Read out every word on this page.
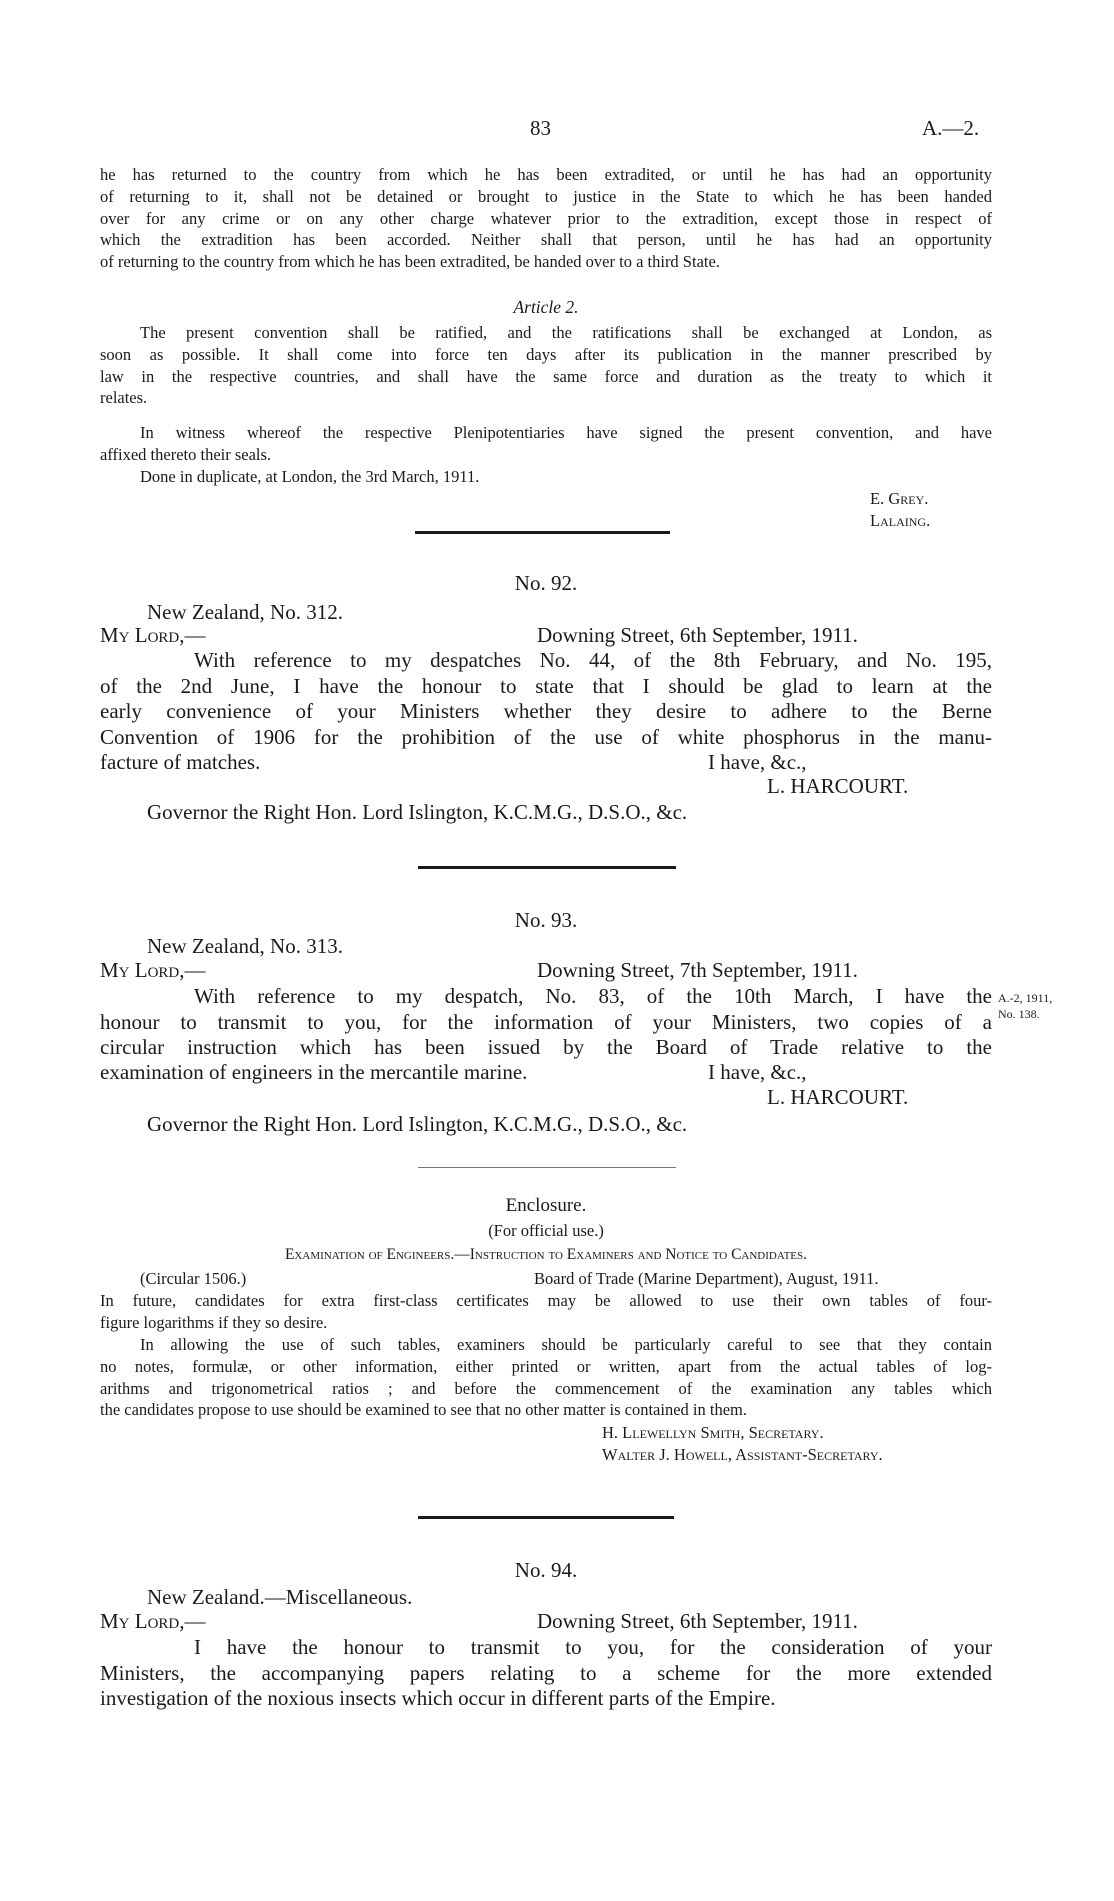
83	A.—2.
he has returned to the country from which he has been extradited, or until he has had an opportunity
of returning to it, shall not be detained or brought to justice in the State to which he has been handed
over for any crime or on any other charge whatever prior to the extradition, except those in respect of
which the extradition has been accorded. Neither shall that person, until he has had an opportunity
of returning to the country from which he has been extradited, be handed over to a third State.
Article 2.
The present convention shall be ratified, and the ratifications shall be exchanged at London, as
soon as possible. It shall come into force ten days after its publication in the manner prescribed by
law in the respective countries, and shall have the same force and duration as the treaty to which it
relates.
In witness whereof the respective Plenipotentiaries have signed the present convention, and have
affixed thereto their seals.
Done in duplicate, at London, the 3rd March, 1911.
E. Grey.
Lalaing.
No. 92.
New Zealand, No. 312.
My Lord,—	Downing Street, 6th September, 1911.
With reference to my despatches No. 44, of the 8th February, and No. 195,
of the 2nd June, I have the honour to state that I should be glad to learn at the
early convenience of your Ministers whether they desire to adhere to the Berne
Convention of 1906 for the prohibition of the use of white phosphorus in the manu-
facture of matches.	I have, &c.,
L. HARCOURT.
Governor the Right Hon. Lord Islington, K.C.M.G., D.S.O., &c.
No. 93.
New Zealand, No. 313.
My Lord,—	Downing Street, 7th September, 1911.
With reference to my despatch, No. 83, of the 10th March, I have the
honour to transmit to you, for the information of your Ministers, two copies of a
circular instruction which has been issued by the Board of Trade relative to the
A.-2, 1911,
No. 138.
examination of engineers in the mercantile marine.	I have, &c.,
L. HARCOURT.
Governor the Right Hon. Lord Islington, K.C.M.G., D.S.O., &c.
Enclosure.
(For official use.)
Examination of Engineers.—Instruction to Examiners and Notice to Candidates.
(Circular 1506.)	Board of Trade (Marine Department), August, 1911.
In future, candidates for extra first-class certificates may be allowed to use their own tables of four-
figure logarithms if they so desire.
In allowing the use of such tables, examiners should be particularly careful to see that they contain
no notes, formulæ, or other information, either printed or written, apart from the actual tables of log-
arithms and trigonometrical ratios ; and before the commencement of the examination any tables which
the candidates propose to use should be examined to see that no other matter is contained in them.
H. Llewellyn Smith, Secretary.
Walter J. Howell, Assistant-Secretary.
No. 94.
New Zealand.—Miscellaneous.
My Lord,—	Downing Street, 6th September, 1911.
I have the honour to transmit to you, for the consideration of your
Ministers, the accompanying papers relating to a scheme for the more extended
investigation of the noxious insects which occur in different parts of the Empire.
